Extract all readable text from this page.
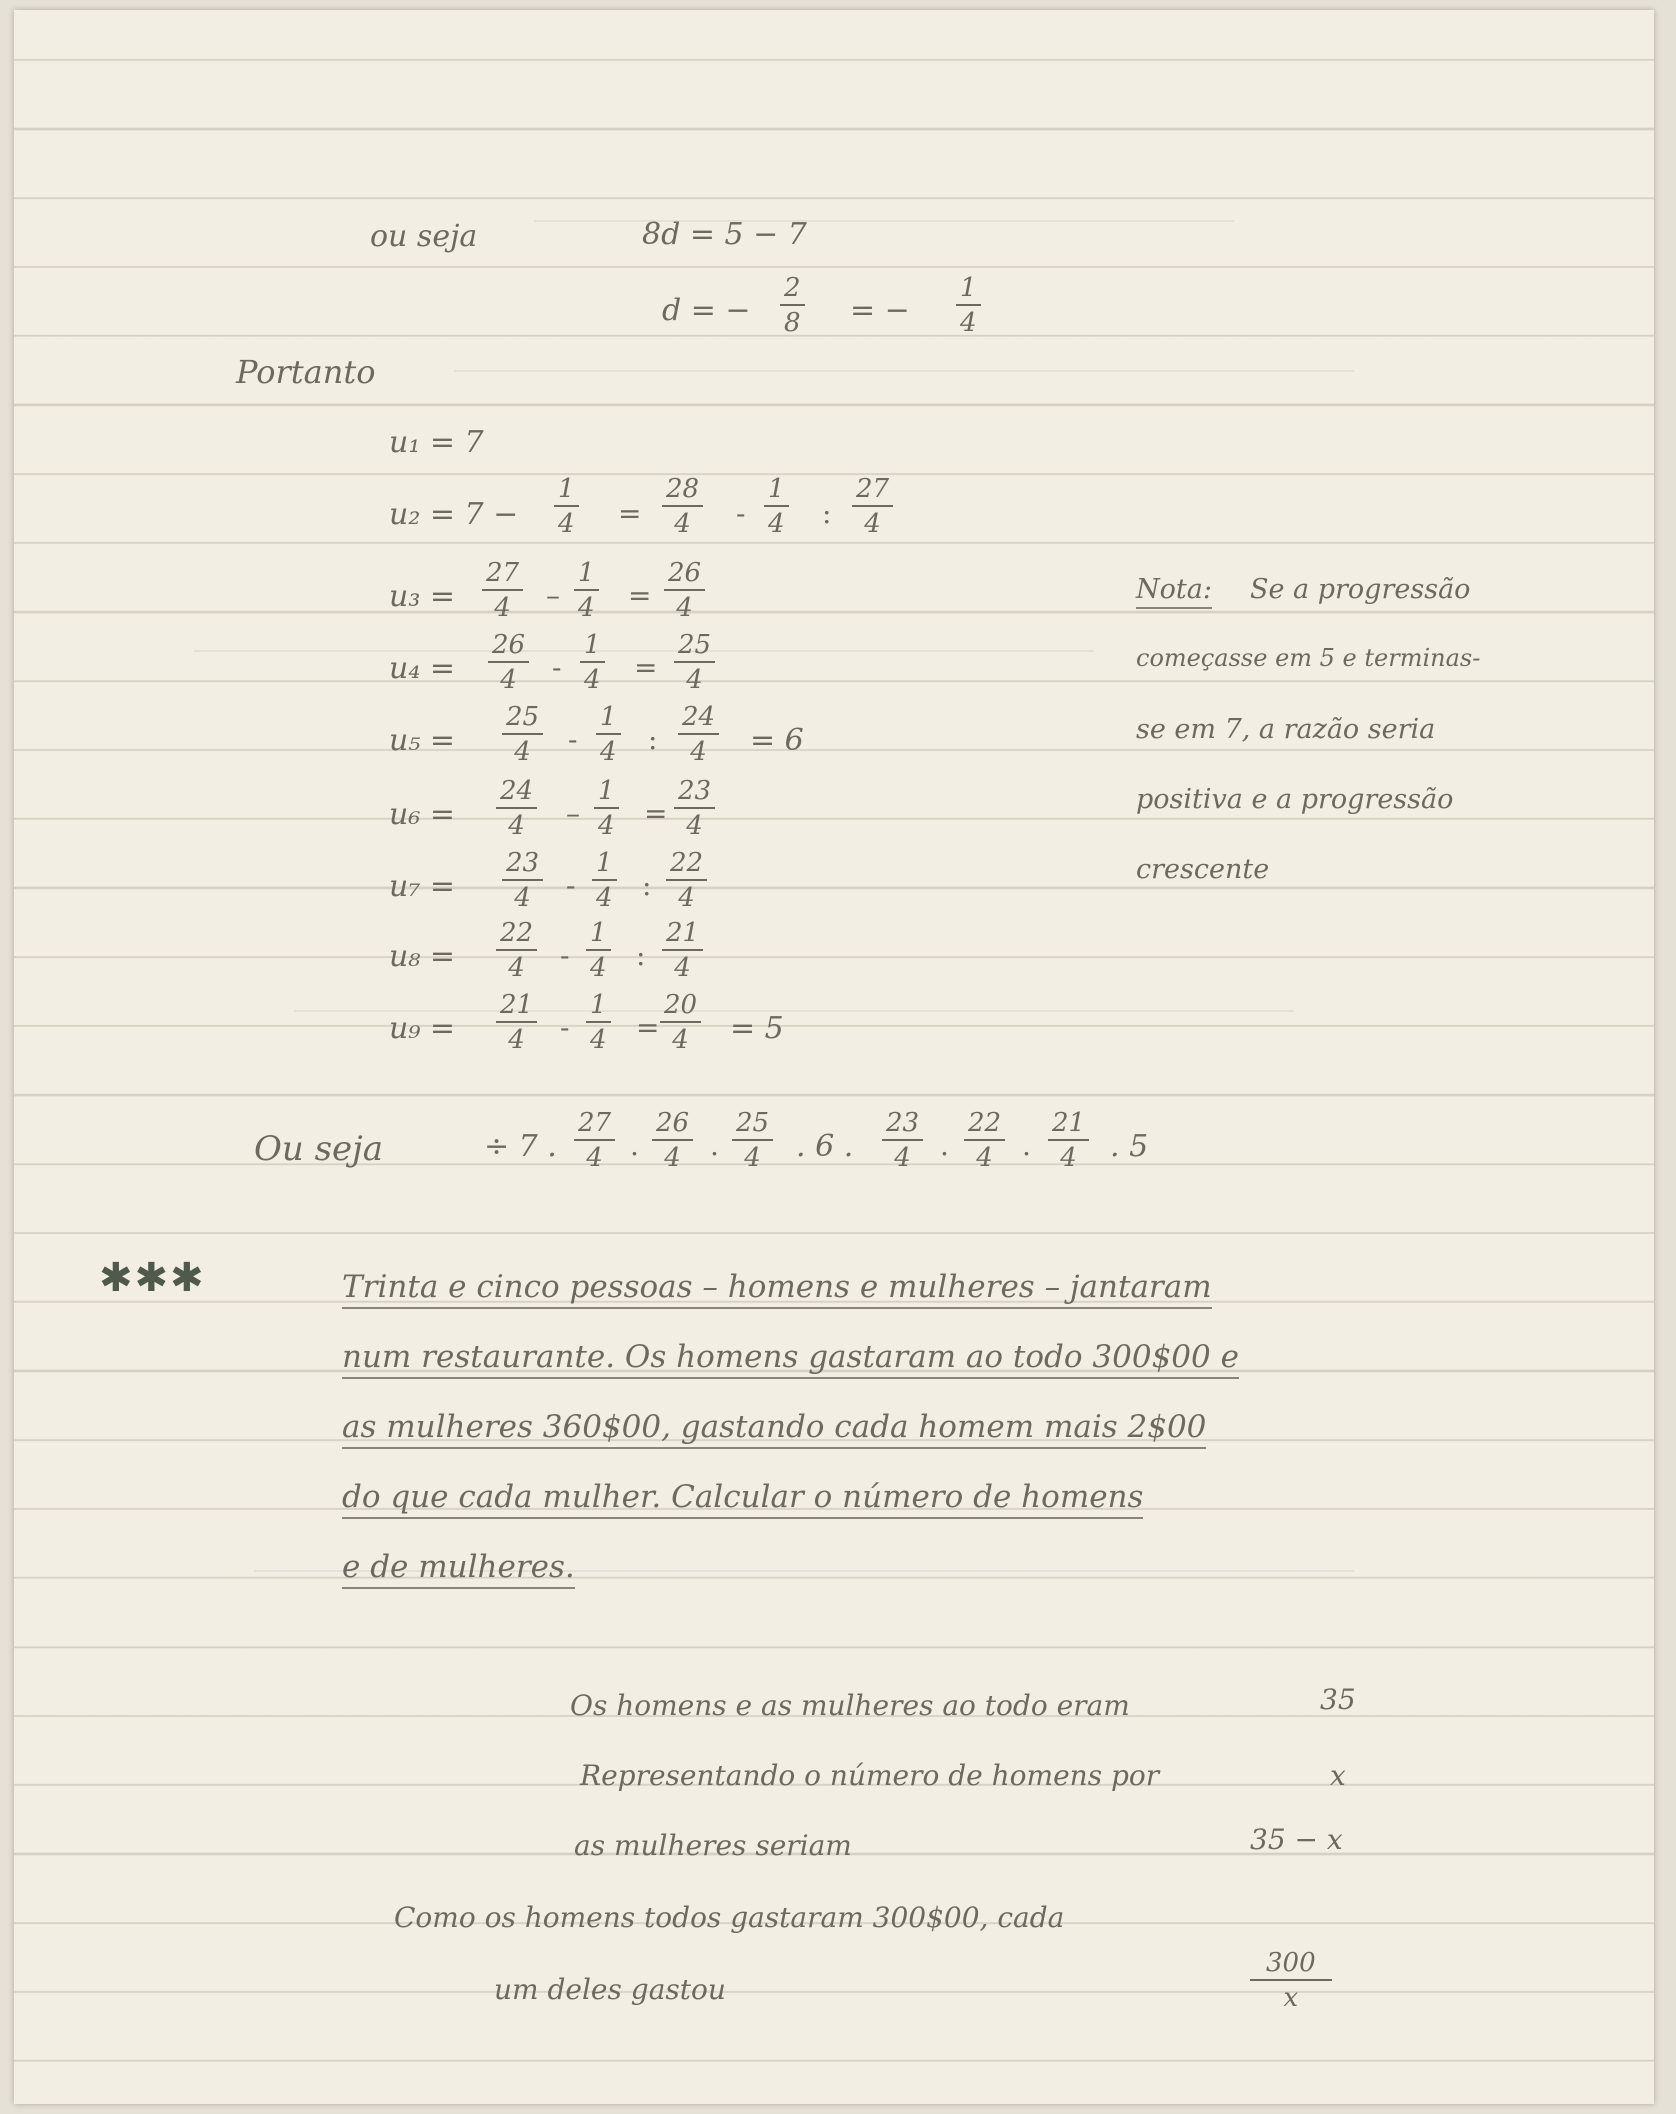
ou seja	8d = 5 − 7
d = − $\frac{2}{8}$ = − $\frac{1}{4}$
Portanto
u₁ = 7
$u_2 = 7 - \frac{1}{4} = \frac{28}{4} - \frac{1}{4}$ : $\frac{27}{4}$
$u_3 = \frac{27}{4} - \frac{1}{4} = \frac{26}{4}$
$u_4 = \frac{26}{4} - \frac{1}{4} = \frac{25}{4}$
$u_5 = \frac{25}{4} - \frac{1}{4}$ : $\frac{24}{4} = 6$
$u_6 = \frac{24}{4} - \frac{1}{4} = \frac{23}{4}$
$u_7 = \frac{23}{4} - \frac{1}{4}$ : $\frac{22}{4}$
$u_8 = \frac{22}{4} - \frac{1}{4}$ : $\frac{21}{4}$
$u_9 = \frac{21}{4} - \frac{1}{4} = \frac{20}{4} = 5$
Nota: Se a progressão
começasse em 5 e terminas-
se em 7, a razão seria
positiva e a progressão
crescente
Ou seja	÷ 7 . $\frac{27}{4}$ . $\frac{26}{4}$ . $\frac{25}{4}$ . 6 . $\frac{23}{4}$ . $\frac{22}{4}$ . $\frac{21}{4}$ . 5
✱✱✱	Trinta e cinco pessoas – homens e mulheres – jantaram
num restaurante. Os homens gastaram ao todo 300$00 e
as mulheres 360$00, gastando cada homem mais 2$00
do que cada mulher. Calcular o número de homens
e de mulheres.
Os homens e as mulheres ao todo eram	35
Representando o número de homens por	x
as mulheres seriam	35 − x
Como os homens todos gastaram 300$00, cada
um deles gastou	$\frac{300}{x}$
